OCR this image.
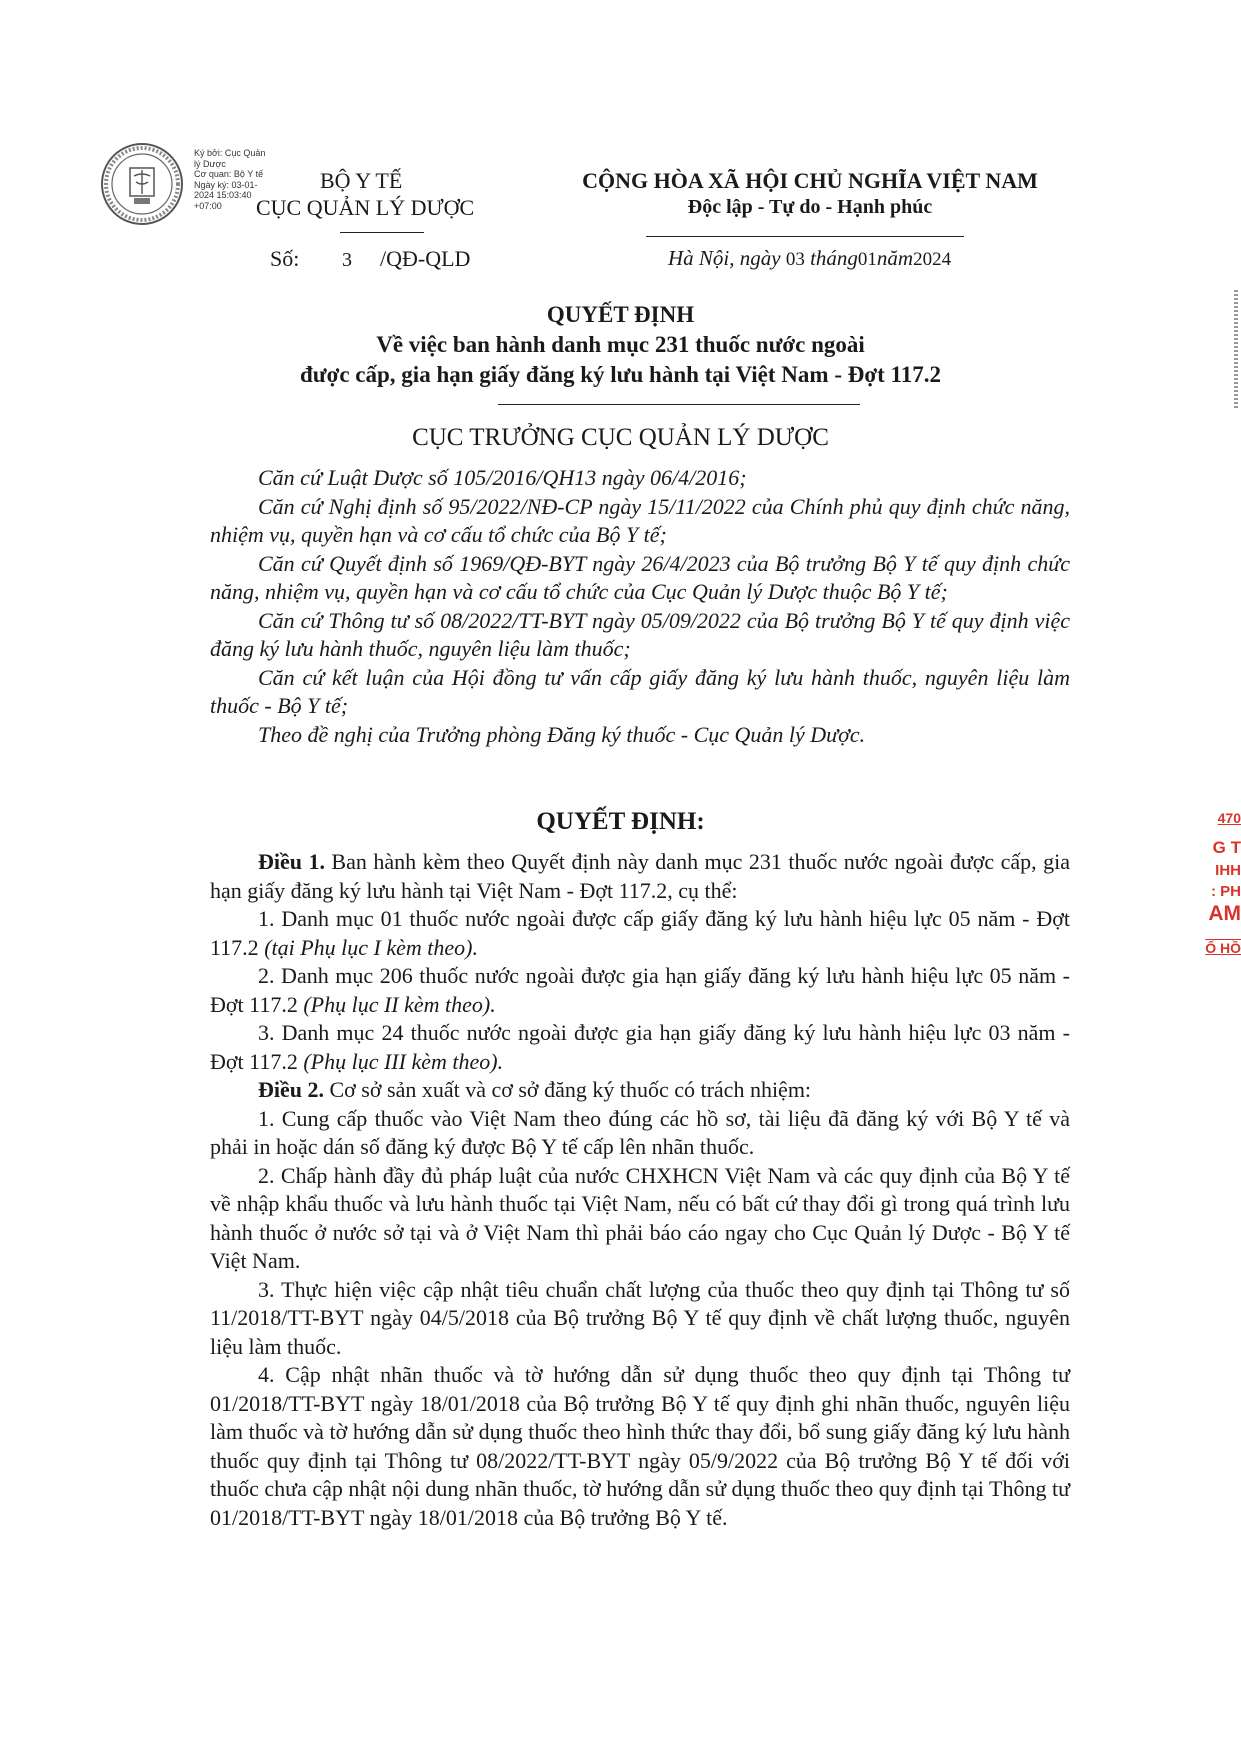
Ký bởi: Cục Quản
lý Dược
Cơ quan: Bộ Y tế
Ngày ký: 03-01-
2024 15:03:40
+07:00
BỘ Y TẾ
CỤC QUẢN LÝ DƯỢC
Số: 3 /QĐ-QLD
CỘNG HÒA XÃ HỘI CHỦ NGHĨA VIỆT NAM
Độc lập - Tự do - Hạnh phúc
Hà Nội, ngày 03 tháng01năm2024
QUYẾT ĐỊNH
Về việc ban hành danh mục 231 thuốc nước ngoài
được cấp, gia hạn giấy đăng ký lưu hành tại Việt Nam - Đợt 117.2
CỤC TRƯỞNG CỤC QUẢN LÝ DƯỢC
Căn cứ Luật Dược số 105/2016/QH13 ngày 06/4/2016;
Căn cứ Nghị định số 95/2022/NĐ-CP ngày 15/11/2022 của Chính phủ quy định chức năng, nhiệm vụ, quyền hạn và cơ cấu tổ chức của Bộ Y tế;
Căn cứ Quyết định số 1969/QĐ-BYT ngày 26/4/2023 của Bộ trưởng Bộ Y tế quy định chức năng, nhiệm vụ, quyền hạn và cơ cấu tổ chức của Cục Quản lý Dược thuộc Bộ Y tế;
Căn cứ Thông tư số 08/2022/TT-BYT ngày 05/09/2022 của Bộ trưởng Bộ Y tế quy định việc đăng ký lưu hành thuốc, nguyên liệu làm thuốc;
Căn cứ kết luận của Hội đồng tư vấn cấp giấy đăng ký lưu hành thuốc, nguyên liệu làm thuốc - Bộ Y tế;
Theo đề nghị của Trưởng phòng Đăng ký thuốc - Cục Quản lý Dược.
QUYẾT ĐỊNH:
Điều 1. Ban hành kèm theo Quyết định này danh mục 231 thuốc nước ngoài được cấp, gia hạn giấy đăng ký lưu hành tại Việt Nam - Đợt 117.2, cụ thể:
1. Danh mục 01 thuốc nước ngoài được cấp giấy đăng ký lưu hành hiệu lực 05 năm - Đợt 117.2 (tại Phụ lục I kèm theo).
2. Danh mục 206 thuốc nước ngoài được gia hạn giấy đăng ký lưu hành hiệu lực 05 năm - Đợt 117.2 (Phụ lục II kèm theo).
3. Danh mục 24 thuốc nước ngoài được gia hạn giấy đăng ký lưu hành hiệu lực 03 năm - Đợt 117.2 (Phụ lục III kèm theo).
Điều 2. Cơ sở sản xuất và cơ sở đăng ký thuốc có trách nhiệm:
1. Cung cấp thuốc vào Việt Nam theo đúng các hồ sơ, tài liệu đã đăng ký với Bộ Y tế và phải in hoặc dán số đăng ký được Bộ Y tế cấp lên nhãn thuốc.
2. Chấp hành đầy đủ pháp luật của nước CHXHCN Việt Nam và các quy định của Bộ Y tế về nhập khẩu thuốc và lưu hành thuốc tại Việt Nam, nếu có bất cứ thay đổi gì trong quá trình lưu hành thuốc ở nước sở tại và ở Việt Nam thì phải báo cáo ngay cho Cục Quản lý Dược - Bộ Y tế Việt Nam.
3. Thực hiện việc cập nhật tiêu chuẩn chất lượng của thuốc theo quy định tại Thông tư số 11/2018/TT-BYT ngày 04/5/2018 của Bộ trưởng Bộ Y tế quy định về chất lượng thuốc, nguyên liệu làm thuốc.
4. Cập nhật nhãn thuốc và tờ hướng dẫn sử dụng thuốc theo quy định tại Thông tư 01/2018/TT-BYT ngày 18/01/2018 của Bộ trưởng Bộ Y tế quy định ghi nhãn thuốc, nguyên liệu làm thuốc và tờ hướng dẫn sử dụng thuốc theo hình thức thay đổi, bổ sung giấy đăng ký lưu hành thuốc quy định tại Thông tư 08/2022/TT-BYT ngày 05/9/2022 của Bộ trưởng Bộ Y tế đối với thuốc chưa cập nhật nội dung nhãn thuốc, tờ hướng dẫn sử dụng thuốc theo quy định tại Thông tư 01/2018/TT-BYT ngày 18/01/2018 của Bộ trưởng Bộ Y tế.
470
G T
IHH
: PH
AM
Ố HỒ
